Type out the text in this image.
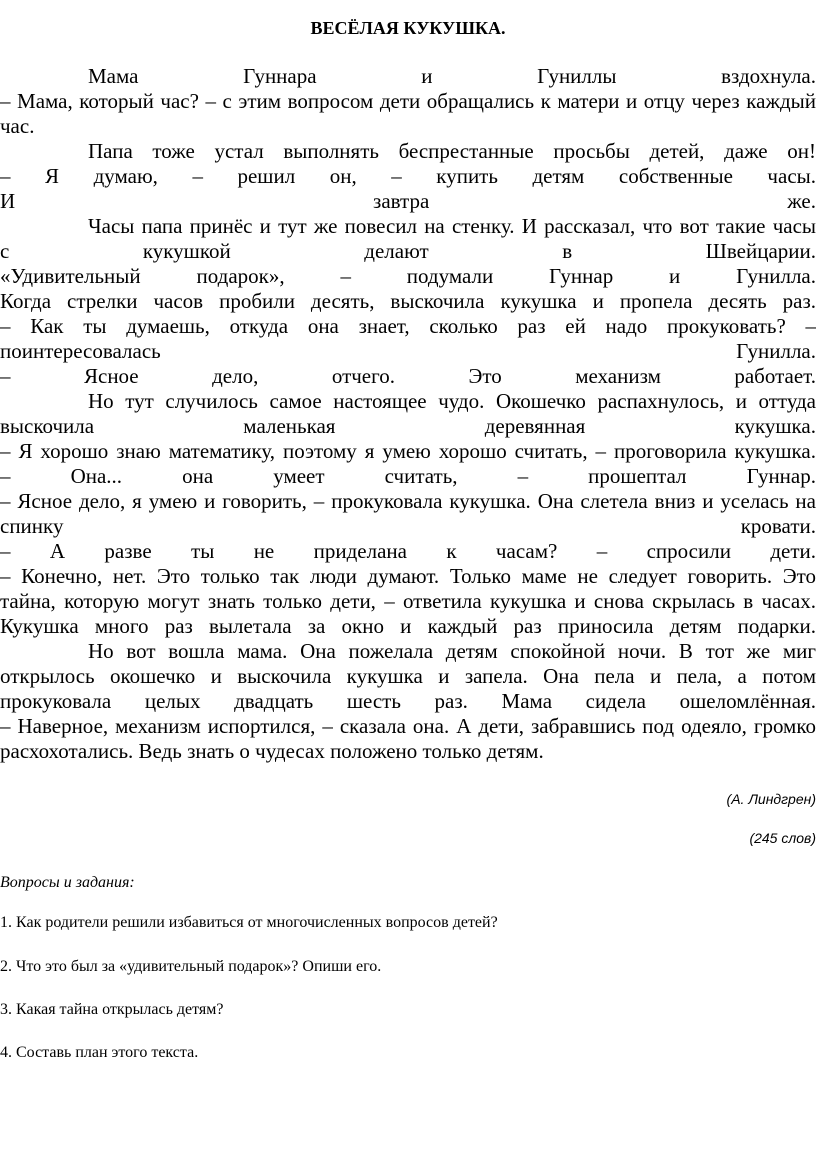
ВЕСЁЛАЯ КУКУШКА.
Мама Гуннара и Гуниллы вздохнула.
– Мама, который час? – с этим вопросом дети обращались к матери и отцу через каждый
час.
Папа тоже устал выполнять беспрестанные просьбы детей, даже он!
– Я думаю, – решил он, – купить детям собственные часы.
И завтра же.
Часы папа принёс и тут же повесил на стенку. И рассказал, что вот такие часы
с кукушкой делают в Швейцарии.
«Удивительный подарок», – подумали Гуннар и Гунилла.
Когда стрелки часов пробили десять, выскочила кукушка и пропела десять раз.
– Как ты думаешь, откуда она знает, сколько раз ей надо прокуковать? –
поинтересовалась Гунилла.
– Ясное дело, отчего. Это механизм работает.
Но тут случилось самое настоящее чудо. Окошечко распахнулось, и оттуда
выскочила маленькая деревянная кукушка.
– Я хорошо знаю математику, поэтому я умею хорошо считать, – проговорила кукушка.
– Она... она умеет считать, – прошептал Гуннар.
– Ясное дело, я умею и говорить, – прокуковала кукушка. Она слетела вниз и уселась на
спинку кровати.
– А разве ты не приделана к часам? – спросили дети.
– Конечно, нет. Это только так люди думают. Только маме не следует говорить. Это
тайна, которую могут знать только дети, – ответила кукушка и снова скрылась в часах.
Кукушка много раз вылетала за окно и каждый раз приносила детям подарки.
Но вот вошла мама. Она пожелала детям спокойной ночи. В тот же миг
открылось окошечко и выскочила кукушка и запела. Она пела и пела, а потом
прокуковала целых двадцать шесть раз. Мама сидела ошеломлённая.
– Наверное, механизм испортился, – сказала она. А дети, забравшись под одеяло, громко
расхохотались. Ведь знать о чудесах положено только детям.
(А. Линдгрен)
(245 слов)
Вопросы и задания:
1. Как родители решили избавиться от многочисленных вопросов детей?
2. Что это был за «удивительный подарок»? Опиши его.
3. Какая тайна открылась детям?
4. Составь план этого текста.
